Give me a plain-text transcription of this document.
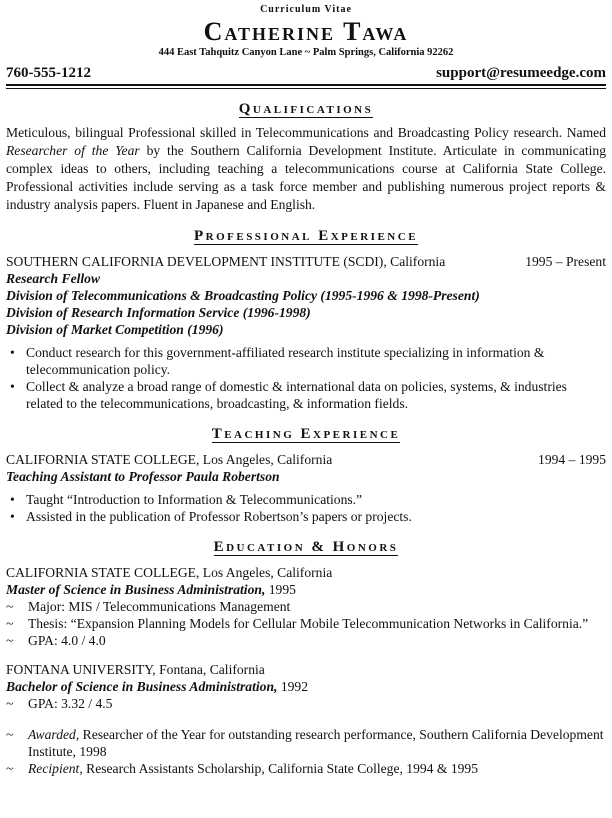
Curriculum Vitae
Catherine Tawa
444 East Tahquitz Canyon Lane ~ Palm Springs, California 92262
760-555-1212	support@resumeedge.com
Qualifications

Meticulous, bilingual Professional skilled in Telecommunications and Broadcasting Policy research. Named Researcher of the Year by the Southern California Development Institute. Articulate in communicating complex ideas to others, including teaching a telecommunications course at California State College. Professional activities include serving as a task force member and publishing numerous project reports & industry analysis papers. Fluent in Japanese and English.

Professional Experience
SOUTHERN CALIFORNIA DEVELOPMENT INSTITUTE (SCDI), California	1995 – Present
Research Fellow
Division of Telecommunications & Broadcasting Policy (1995-1996 & 1998-Present)
Division of Research Information Service (1996-1998)
Division of Market Competition (1996)
• Conduct research for this government-affiliated research institute specializing in information & telecommunication policy.
• Collect & analyze a broad range of domestic & international data on policies, systems, & industries related to the telecommunications, broadcasting, & information fields.
Teaching Experience
CALIFORNIA STATE COLLEGE, Los Angeles, California	1994 – 1995
Teaching Assistant to Professor Paula Robertson
• Taught “Introduction to Information & Telecommunications.”
• Assisted in the publication of Professor Robertson’s papers or projects.
Education & Honors
CALIFORNIA STATE COLLEGE, Los Angeles, California
Master of Science in Business Administration, 1995
~ Major: MIS / Telecommunications Management
~ Thesis: “Expansion Planning Models for Cellular Mobile Telecommunication Networks in California.”
~ GPA: 4.0 / 4.0
FONTANA UNIVERSITY, Fontana, California
Bachelor of Science in Business Administration, 1992
~ GPA: 3.32 / 4.5
~ Awarded, Researcher of the Year for outstanding research performance, Southern California Development Institute, 1998
~ Recipient, Research Assistants Scholarship, California State College, 1994 & 1995
